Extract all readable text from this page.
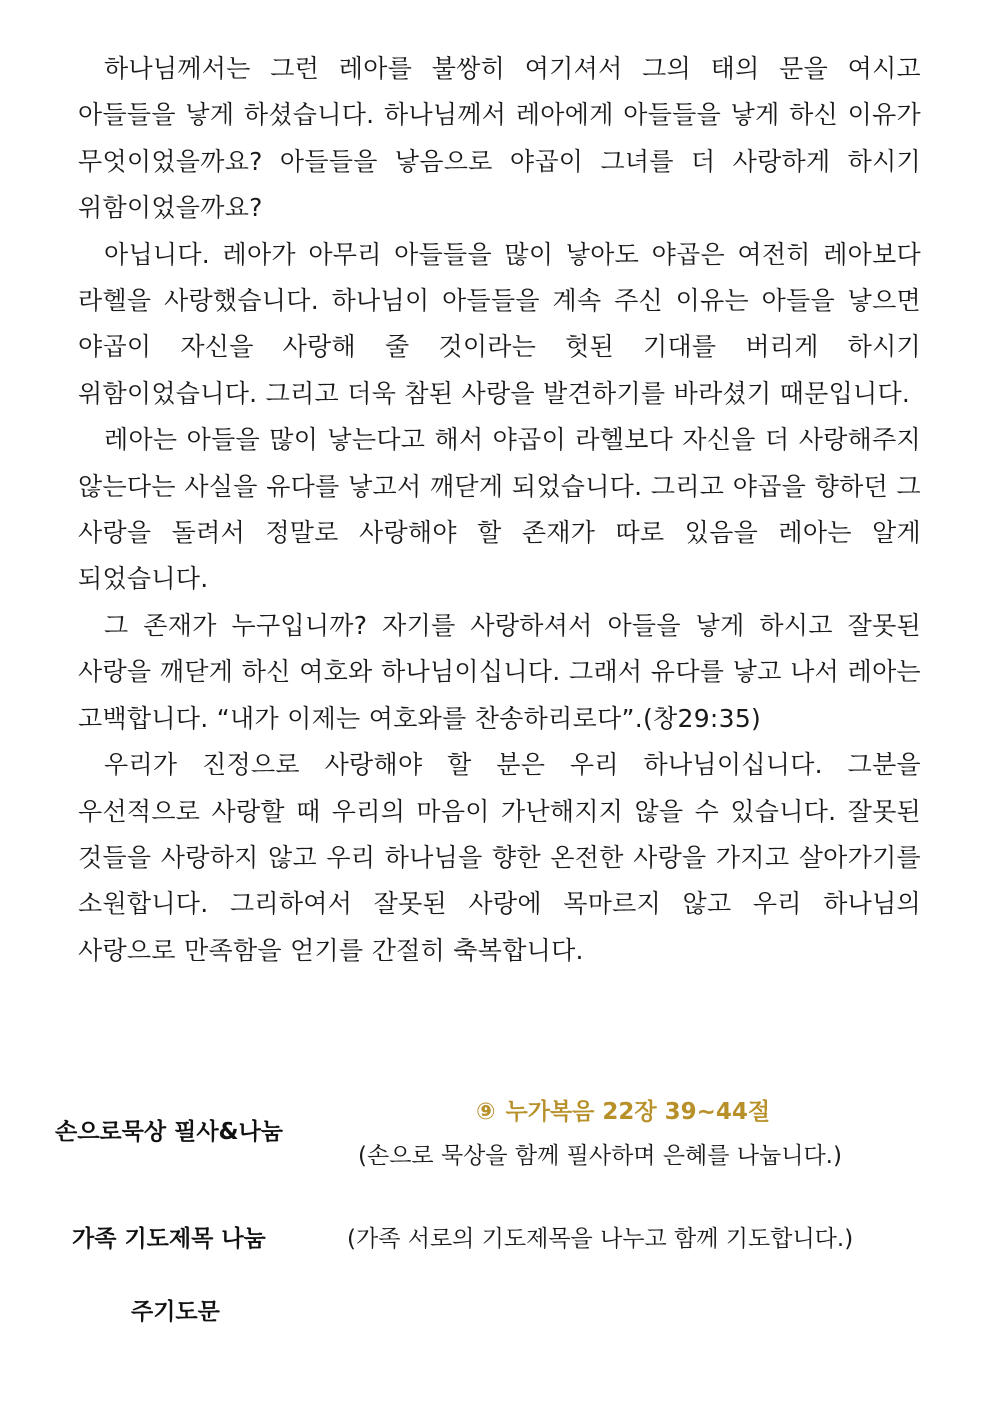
하나님께서는 그런 레아를 불쌍히 여기셔서 그의 태의 문을 여시고 아들들을 낳게 하셨습니다. 하나님께서 레아에게 아들들을 낳게 하신 이유가 무엇이었을까요? 아들들을 낳음으로 야곱이 그녀를 더 사랑하게 하시기 위함이었을까요?

아닙니다. 레아가 아무리 아들들을 많이 낳아도 야곱은 여전히 레아보다 라헬을 사랑했습니다. 하나님이 아들들을 계속 주신 이유는 아들을 낳으면 야곱이 자신을 사랑해 줄 것이라는 헛된 기대를 버리게 하시기 위함이었습니다. 그리고 더욱 참된 사랑을 발견하기를 바라셨기 때문입니다.

레아는 아들을 많이 낳는다고 해서 야곱이 라헬보다 자신을 더 사랑해주지 않는다는 사실을 유다를 낳고서 깨닫게 되었습니다. 그리고 야곱을 향하던 그 사랑을 돌려서 정말로 사랑해야 할 존재가 따로 있음을 레아는 알게 되었습니다.

그 존재가 누구입니까? 자기를 사랑하셔서 아들을 낳게 하시고 잘못된 사랑을 깨닫게 하신 여호와 하나님이십니다. 그래서 유다를 낳고 나서 레아는 고백합니다. “내가 이제는 여호와를 찬송하리로다”.(창29:35)

우리가 진정으로 사랑해야 할 분은 우리 하나님이십니다. 그분을 우선적으로 사랑할 때 우리의 마음이 가난해지지 않을 수 있습니다. 잘못된 것들을 사랑하지 않고 우리 하나님을 향한 온전한 사랑을 가지고 살아가기를 소원합니다. 그리하여서 잘못된 사랑에 목마르지 않고 우리 하나님의 사랑으로 만족함을 얻기를 간절히 축복합니다.

손으로묵상 필사&나눔
⑨ 누가복음 22장 39~44절
(손으로 묵상을 함께 필사하며 은혜를 나눕니다.)
가족 기도제목 나눔	(가족 서로의 기도제목을 나누고 함께 기도합니다.)
주기도문
